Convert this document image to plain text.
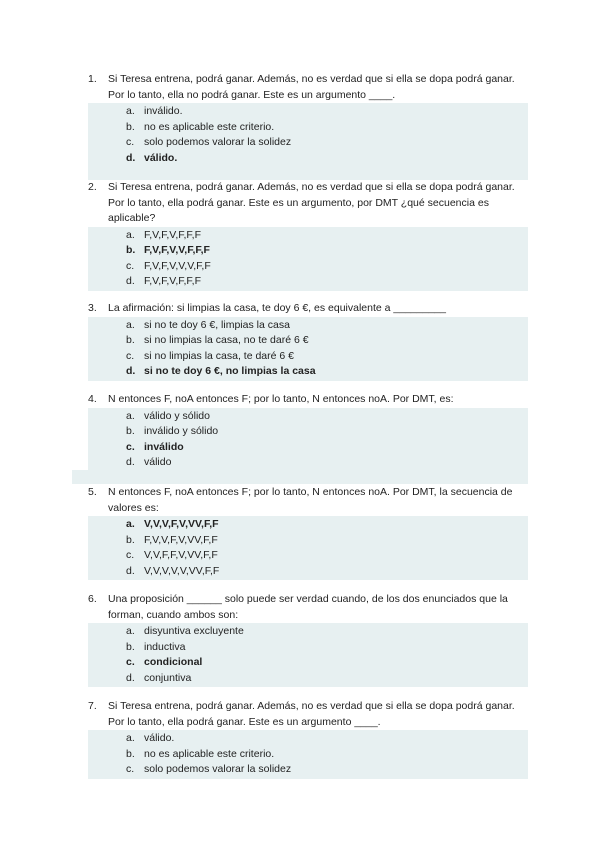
1.	Si Teresa entrena, podrá ganar. Además, no es verdad que si ella se dopa podrá ganar. Por lo tanto, ella no podrá ganar. Este es un argumento ____.
a. inválido.
b. no es aplicable este criterio.
c. solo podemos valorar la solidez
d. válido.
2.	Si Teresa entrena, podrá ganar. Además, no es verdad que si ella se dopa podrá ganar. Por lo tanto, ella podrá ganar. Este es un argumento, por DMT ¿qué secuencia es aplicable?
a. F,V,F,V,F,F,F
b. F,V,F,V,V,F,F,F
c. F,V,F,V,V,V,F,F
d. F,V,F,V,F,F,F
3.	La afirmación: si limpias la casa, te doy 6 €, es equivalente a _________
a. si no te doy 6 €, limpias la casa
b. si no limpias la casa, no te daré 6 €
c. si no limpias la casa, te daré 6 €
d. si no te doy 6 €, no limpias la casa
4.	N entonces F, noA entonces F; por lo tanto, N entonces noA. Por DMT, es:
a. válido y sólido
b. inválido y sólido
c. inválido
d. válido
5.	N entonces F, noA entonces F; por lo tanto, N entonces noA. Por DMT, la secuencia de valores es:
a. V,V,V,F,V,VV,F,F
b. F,V,V,F,V,VV,F,F
c. V,V,F,F,V,VV,F,F
d. V,V,V,V,V,VV,F,F
6.	Una proposición ______ solo puede ser verdad cuando, de los dos enunciados que la forman, cuando ambos son:
a. disyuntiva excluyente
b. inductiva
c. condicional
d. conjuntiva
7.	Si Teresa entrena, podrá ganar. Además, no es verdad que si ella se dopa podrá ganar. Por lo tanto, ella podrá ganar. Este es un argumento ____.
a. válido.
b. no es aplicable este criterio.
c. solo podemos valorar la solidez
